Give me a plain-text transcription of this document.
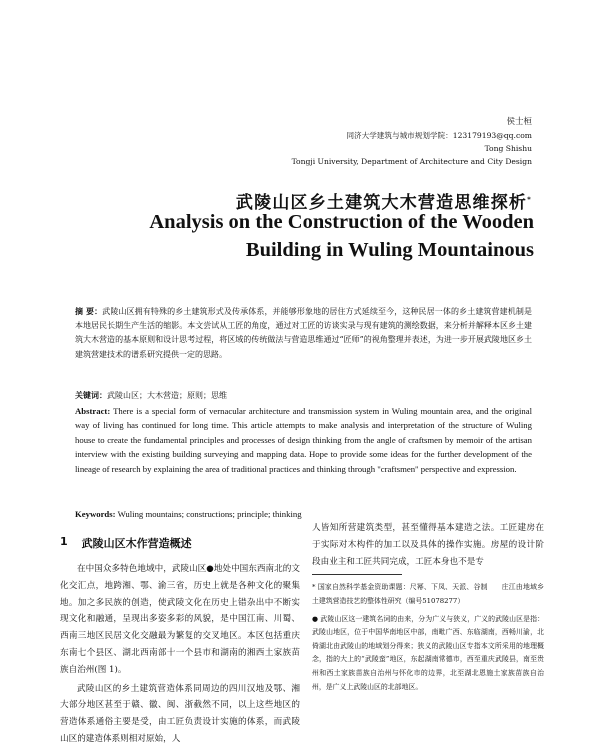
侯士桓
同济大学建筑与城市规划学院：123179193@qq.com
Tong Shishu
Tongji University, Department of Architecture and City Design
武陵山区乡土建筑大木营造思维探析*
Analysis on the Construction of the Wooden Building in Wuling Mountainous
摘 要：武陵山区拥有特殊的乡土建筑形式及传承体系，并能够形象地的居住方式延续至今，这种民居一体的乡土建筑营建机制是本地居民长期生产生活的缩影。本文尝试从工匠的角度，通过对工匠的访谈实录与现有建筑的测绘数据，来分析并解释本区乡土建筑大木营造的基本原则和设计思考过程，将区域的传统做法与营造思维通过“匠师”的视角整理并表述，为进一步开展武陵地区乡土建筑营建技术的谱系研究提供一定的思路。
关键词：武陵山区；大木营造；原则；思维
Abstract: There is a special form of vernacular architecture and transmission system in Wuling mountain area, and the original way of living has continued for long time. This article attempts to make analysis and interpretation of the structure of Wuling house to create the fundamental principles and processes of design thinking from the angle of craftsmen by memoir of the artisan interview with the existing building surveying and mapping data. Hope to provide some ideas for the further development of the lineage of research by explaining the area of traditional practices and thinking through "craftsmen" perspective and expression.
Keywords: Wuling mountains; constructions; principle; thinking
1 武陵山区木作营造概述

在中国众多特色地域中，武陵山区●地处中国东西南北的文化交汇点，地跨湘、鄂、渝三省，历史上就是各种文化的聚集地。加之多民族的创造，使武陵文化在历史上错杂出中不断实现文化和融通，呈现出多姿多彩的风貌，是中国江南、川蜀、西南三地区民居文化交融最为繁复的交叉地区。本区包括重庆东南七个县区、湖北西南部十一个县市和湖南的湘西土家族苗族自治州(图 1)。

武陵山区的乡土建筑营造体系同周边的四川汉地及鄂、湘大部分地区甚至于赣、徽、闽、浙截然不同，以上这些地区的营造体系通俗主要是受，由工匠负责设计实施的体系，而武陵山区的建造体系则相对原始，人

人皆知所营建筑类型，甚至懂得基本建造之法。工匠建房在于实际对木构件的加工以及具体的操作实施。房屋的设计阶段由业主和工匠共同完成，工匠本身也不是专

* 国家自然科学基金资助课题：尺幂、下凤、天派、谷制　　庄江由地域乡土建筑营造技艺的整体性研究（编号51078277）

● 武陵山区这一建筑名词的由来，分为广义与狭义，广义的武陵山区是指：武陵山地区，位于中国华南地区中部，南毗广西、东临湖南，西畅川渝，北倚湖北由武陵山的地域划分得来；狭义的武陵山区专指本文所采用的地理概念，指的大上的“武陵蛮”地区，东起湖南常德市，西至重庆武陵县，南至贵州和西土家族苗族自治州与怀化市的边界，北至湖北恩施土家族苗族自治州，是广义上武陵山区的北部地区。
